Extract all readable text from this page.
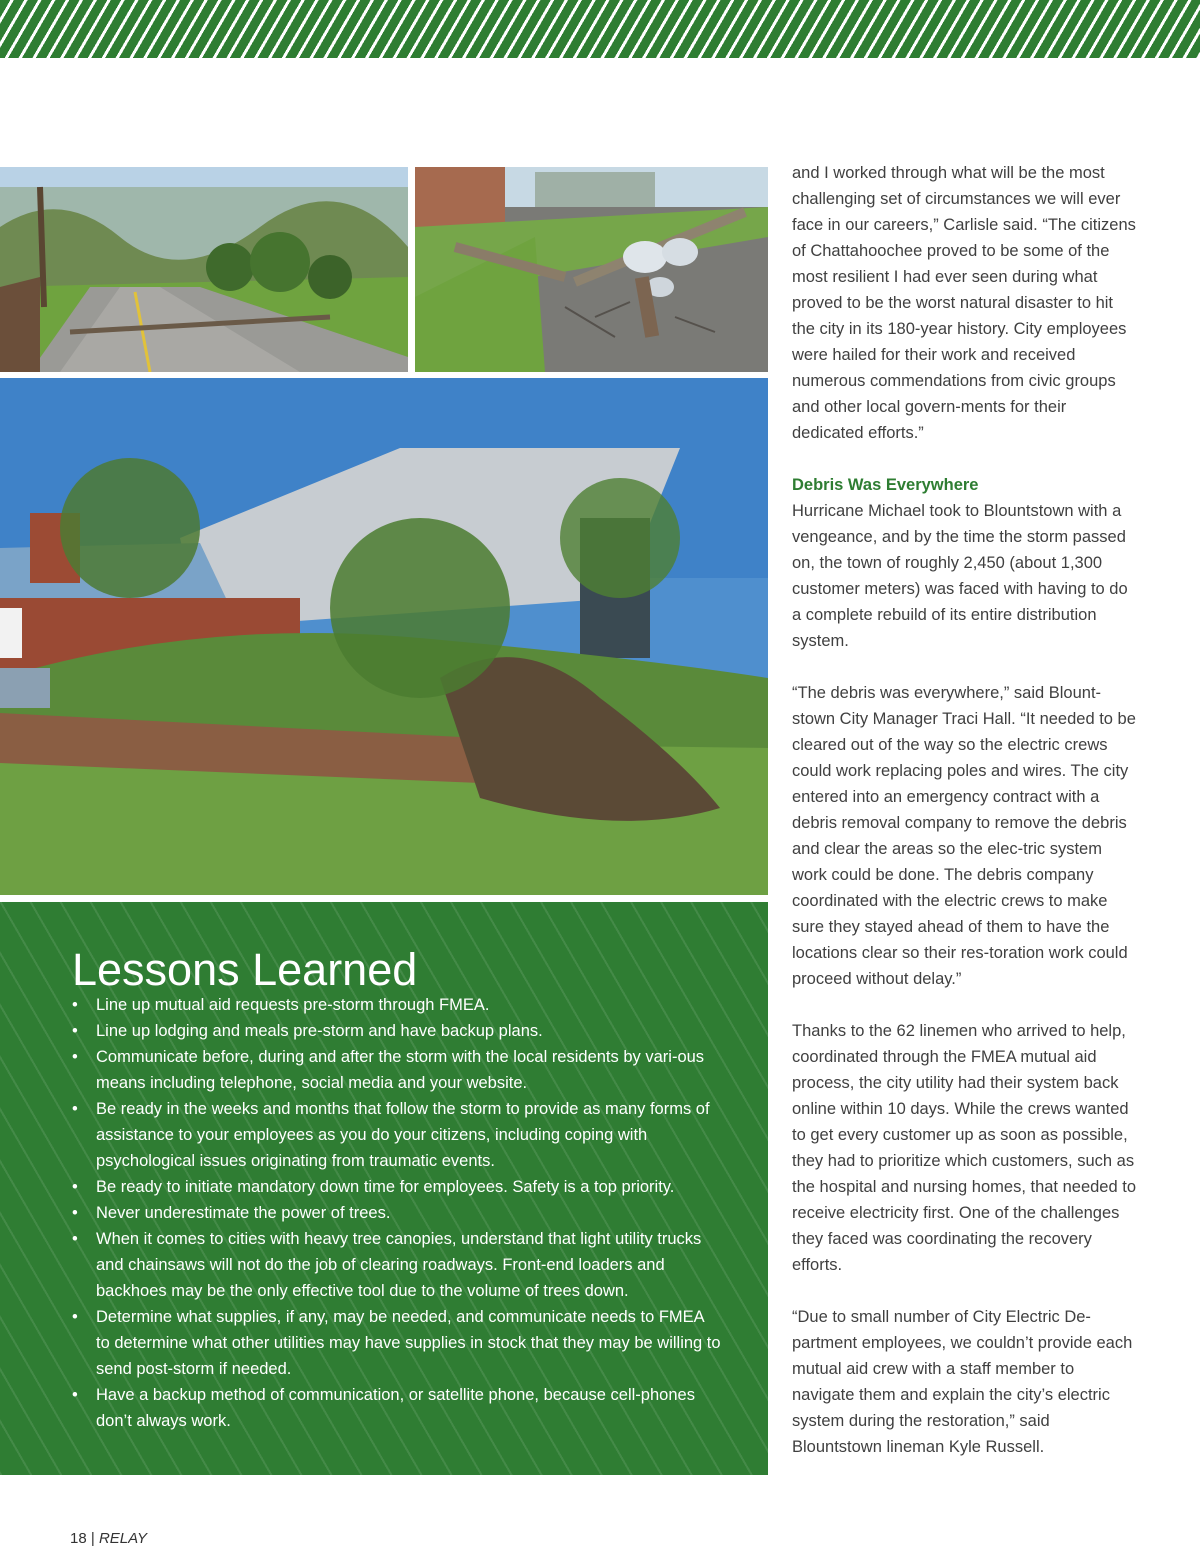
Lessons Learned
• Line up mutual aid requests pre-storm through FMEA.
• Line up lodging and meals pre-storm and have backup plans.
• Communicate before, during and after the storm with the local residents by vari-ous means including telephone, social media and your website.
• Be ready in the weeks and months that follow the storm to provide as many forms of assistance to your employees as you do your citizens, including coping with psychological issues originating from traumatic events.
• Be ready to initiate mandatory down time for employees. Safety is a top priority.
• Never underestimate the power of trees.
• When it comes to cities with heavy tree canopies, understand that light utility trucks and chainsaws will not do the job of clearing roadways. Front-end loaders and backhoes may be the only effective tool due to the volume of trees down.
• Determine what supplies, if any, may be needed, and communicate needs to FMEA to determine what other utilities may have supplies in stock that they may be willing to send post-storm if needed.
• Have a backup method of communication, or satellite phone, because cell-phones don’t always work.

and I worked through what will be the most challenging set of circumstances we will ever face in our careers,” Carlisle said. “The citizens of Chattahoochee proved to be some of the most resilient I had ever seen during what proved to be the worst natural disaster to hit the city in its 180-year history. City employees were hailed for their work and received numerous commendations from civic groups and other local govern-ments for their dedicated efforts.”

Debris Was Everywhere

Hurricane Michael took to Blountstown with a vengeance, and by the time the storm passed on, the town of roughly 2,450 (about 1,300 customer meters) was faced with having to do a complete rebuild of its entire distribution system.

“The debris was everywhere,” said Blount-stown City Manager Traci Hall. “It needed to be cleared out of the way so the electric crews could work replacing poles and wires. The city entered into an emergency contract with a debris removal company to remove the debris and clear the areas so the elec-tric system work could be done. The debris company coordinated with the electric crews to make sure they stayed ahead of them to have the locations clear so their res-toration work could proceed without delay.”

Thanks to the 62 linemen who arrived to help, coordinated through the FMEA mutual aid process, the city utility had their system back online within 10 days. While the crews wanted to get every customer up as soon as possible, they had to prioritize which customers, such as the hospital and nursing homes, that needed to receive electricity first. One of the challenges they faced was coordinating the recovery efforts.

“Due to small number of City Electric De-partment employees, we couldn’t provide each mutual aid crew with a staff member to navigate them and explain the city’s electric system during the restoration,” said Blountstown lineman Kyle Russell.

18 | RELAY
